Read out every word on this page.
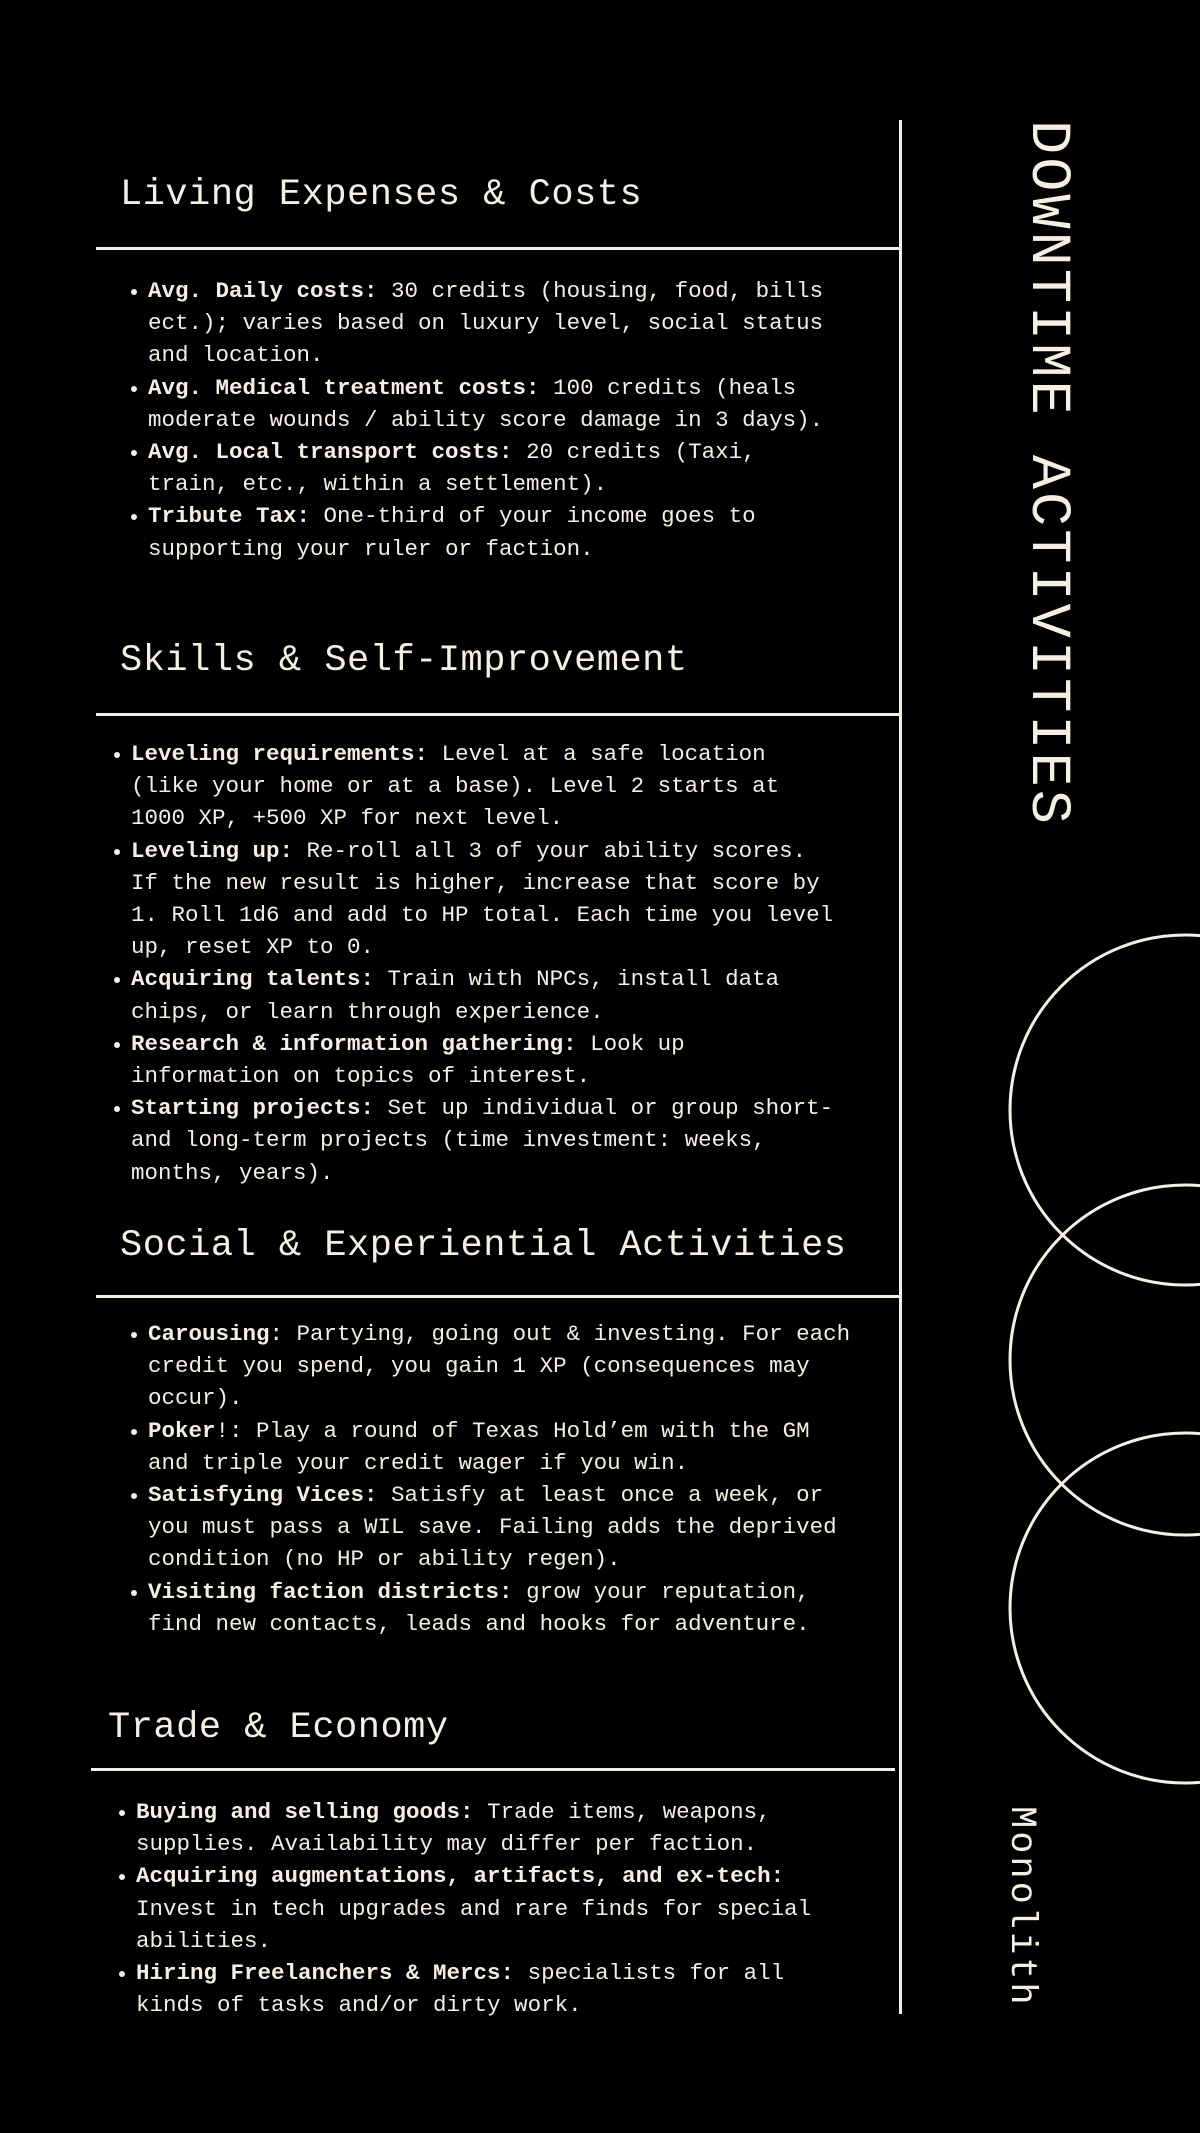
Living Expenses & Costs
Avg. Daily costs: 30 credits (housing, food, bills ect.); varies based on luxury level, social status and location.
Avg. Medical treatment costs: 100 credits (heals moderate wounds / ability score damage in 3 days).
Avg. Local transport costs: 20 credits (Taxi, train, etc., within a settlement).
Tribute Tax: One-third of your income goes to supporting your ruler or faction.
Skills & Self-Improvement
Leveling requirements: Level at a safe location (like your home or at a base). Level 2 starts at 1000 XP, +500 XP for next level.
Leveling up: Re-roll all 3 of your ability scores. If the new result is higher, increase that score by 1. Roll 1d6 and add to HP total. Each time you level up, reset XP to 0.
Acquiring talents: Train with NPCs, install data chips, or learn through experience.
Research & information gathering: Look up information on topics of interest.
Starting projects: Set up individual or group short- and long-term projects (time investment: weeks, months, years).
Social & Experiential Activities
Carousing: Partying, going out & investing. For each credit you spend, you gain 1 XP (consequences may occur).
Poker!: Play a round of Texas Hold’em with the GM and triple your credit wager if you win.
Satisfying Vices: Satisfy at least once a week, or you must pass a WIL save. Failing adds the deprived condition (no HP or ability regen).
Visiting faction districts: grow your reputation, find new contacts, leads and hooks for adventure.
Trade & Economy
Buying and selling goods: Trade items, weapons, supplies. Availability may differ per faction.
Acquiring augmentations, artifacts, and ex-tech: Invest in tech upgrades and rare finds for special abilities.
Hiring Freelanchers & Mercs: specialists for all kinds of tasks and/or dirty work.
DOWNTIME ACTIVITIES
Monolith
